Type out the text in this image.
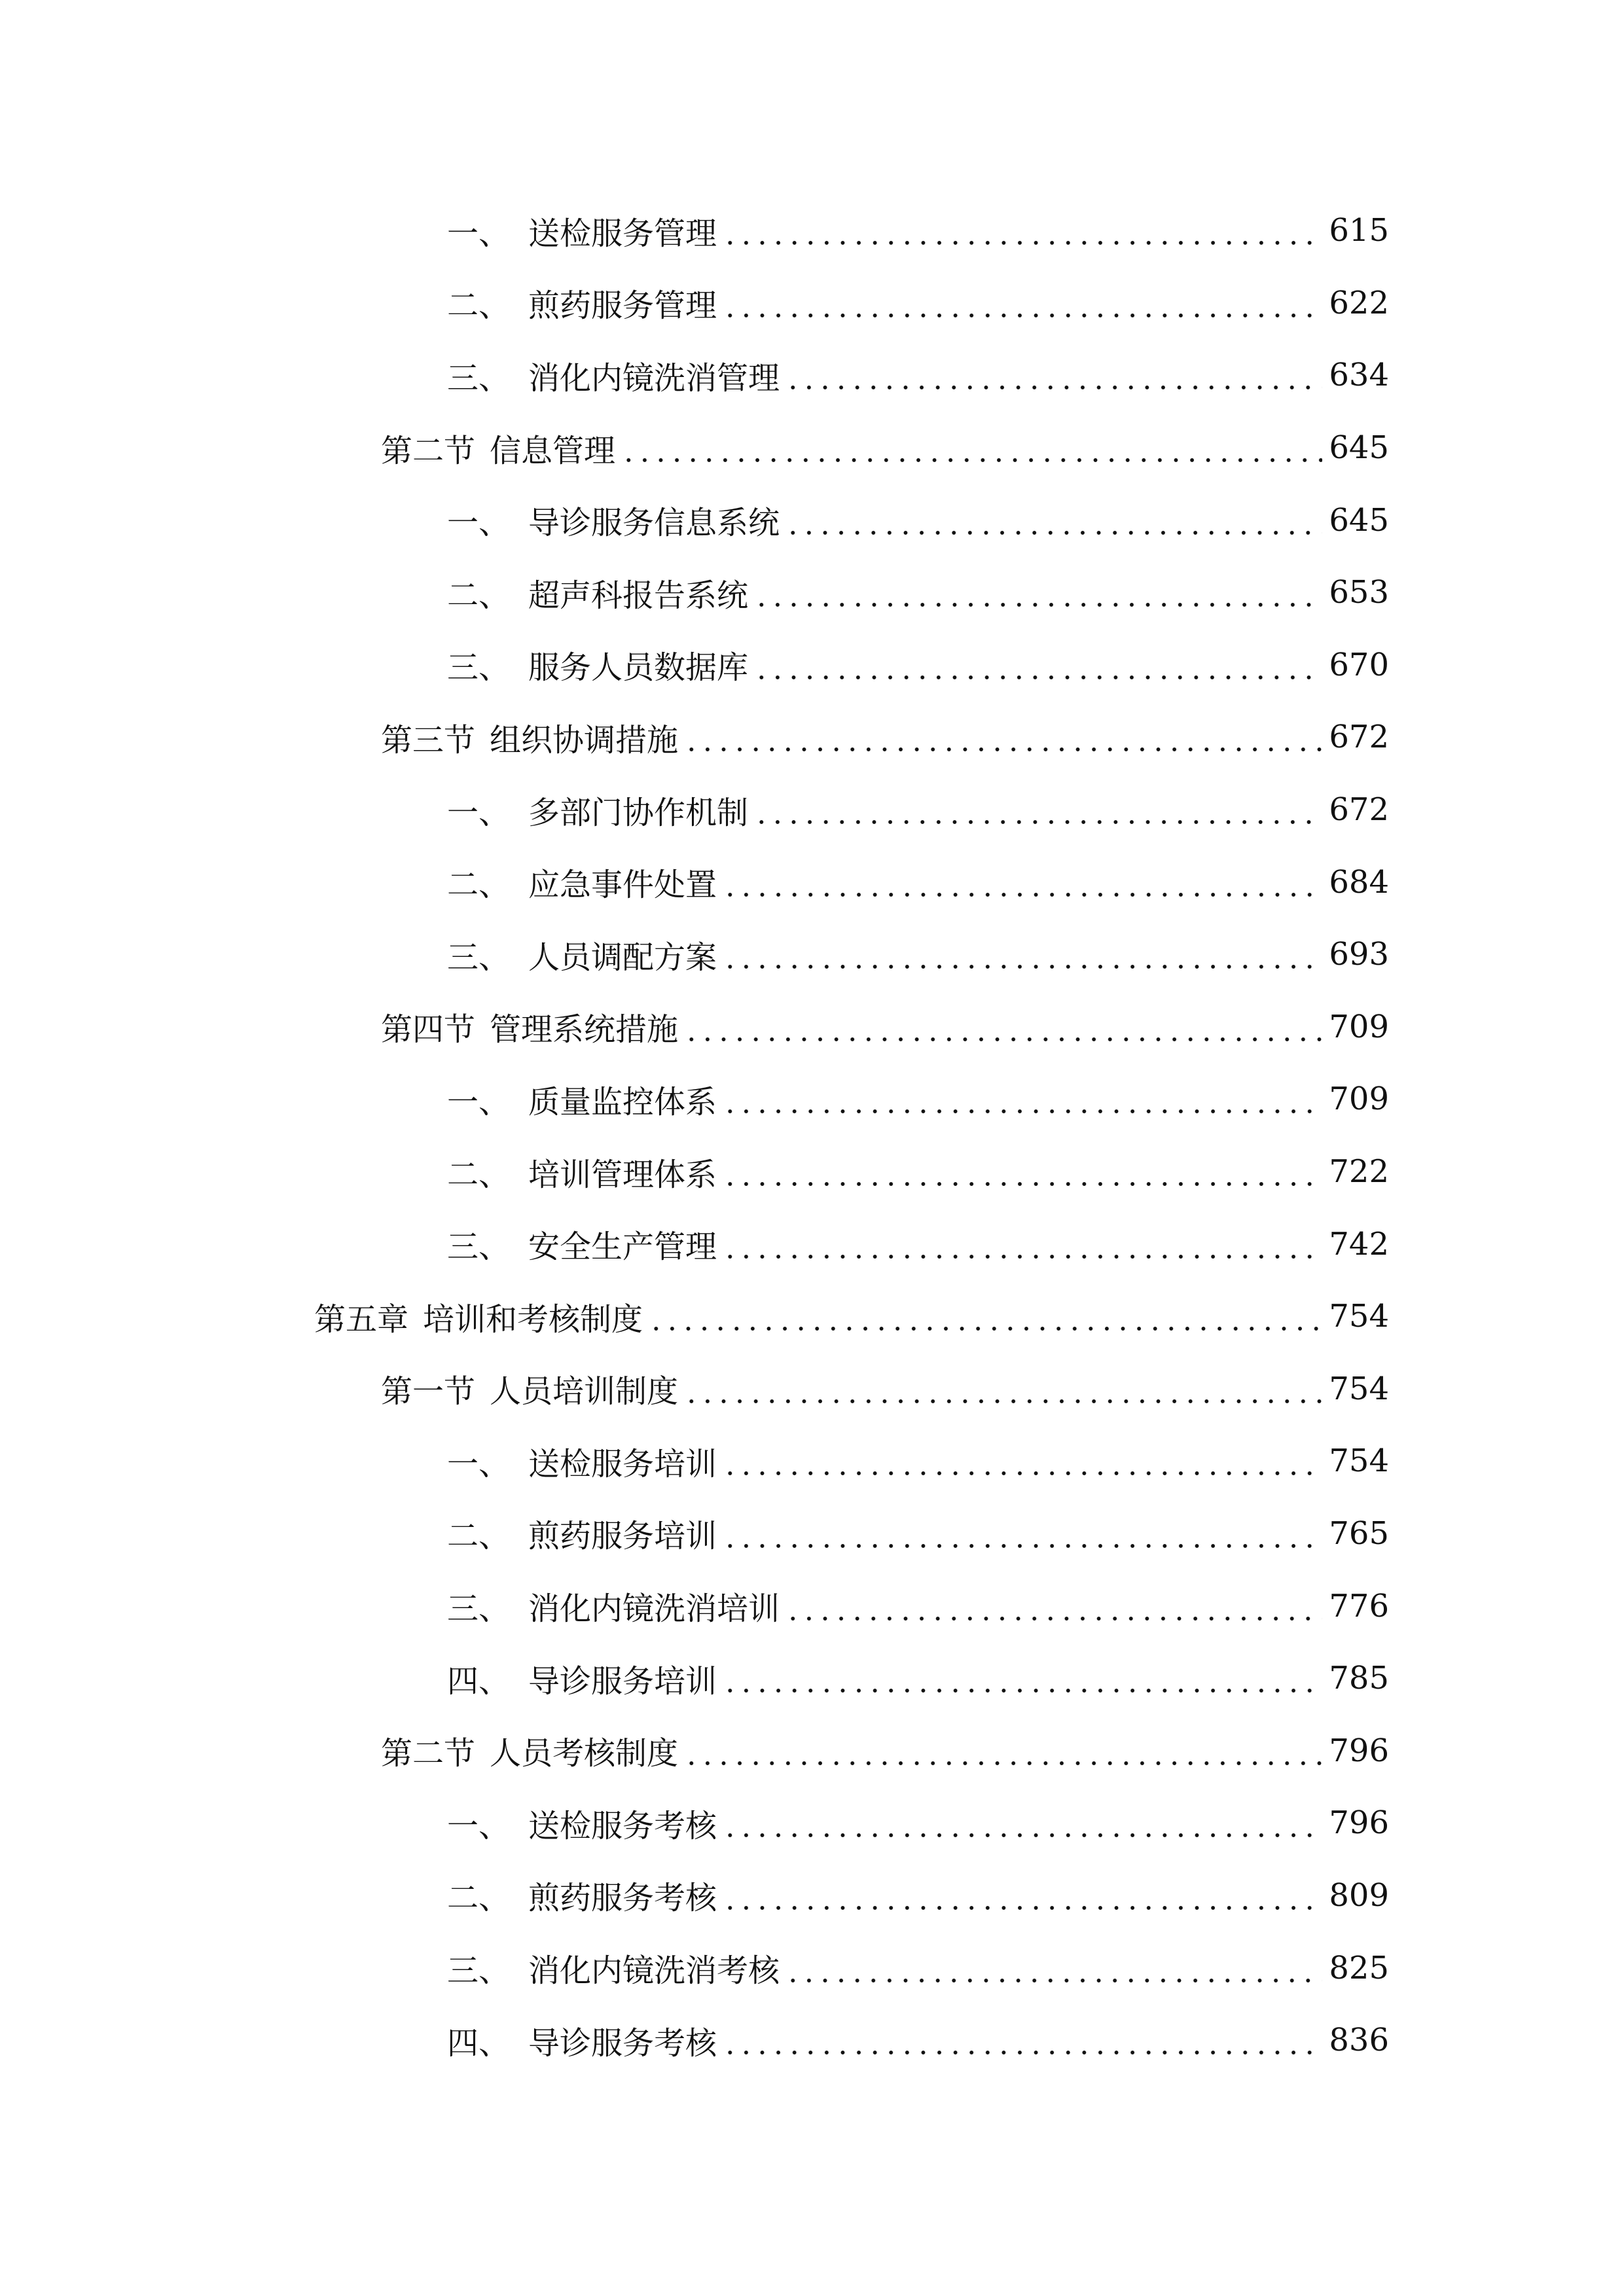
一、 送检服务管理	615
二、 煎药服务管理	622
三、 消化内镜洗消管理	634
第二节 信息管理	645
一、 导诊服务信息系统	645
二、 超声科报告系统	653
三、 服务人员数据库	670
第三节 组织协调措施	672
一、 多部门协作机制	672
二、 应急事件处置	684
三、 人员调配方案	693
第四节 管理系统措施	709
一、 质量监控体系	709
二、 培训管理体系	722
三、 安全生产管理	742
第五章 培训和考核制度	754
第一节 人员培训制度	754
一、 送检服务培训	754
二、 煎药服务培训	765
三、 消化内镜洗消培训	776
四、 导诊服务培训	785
第二节 人员考核制度	796
一、 送检服务考核	796
二、 煎药服务考核	809
三、 消化内镜洗消考核	825
四、 导诊服务考核	836
